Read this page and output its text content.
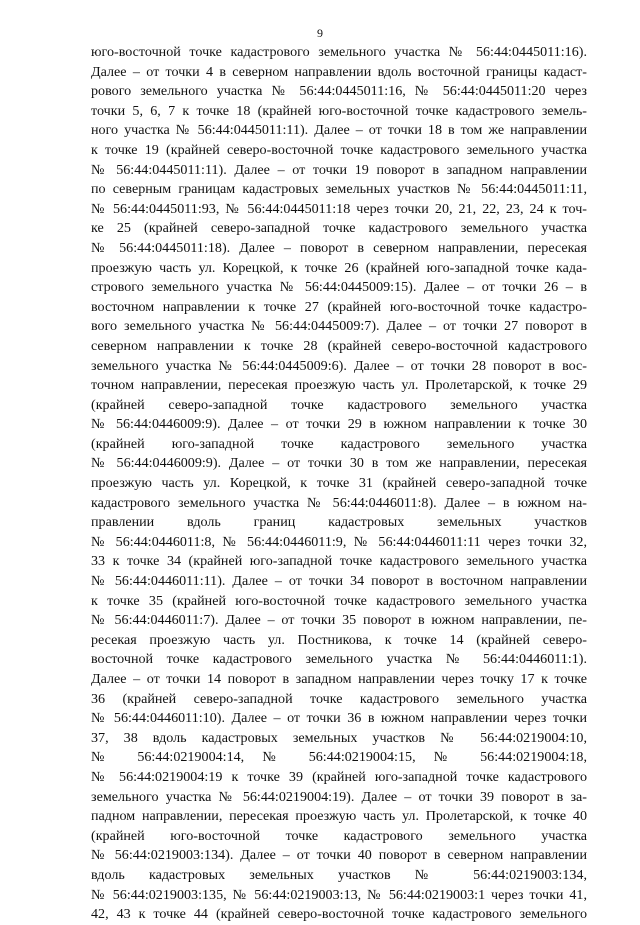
9
юго-восточной точке кадастрового земельного участка № 56:44:0445011:16).
Далее – от точки 4 в северном направлении вдоль восточной границы кадаст-
рового земельного участка № 56:44:0445011:16, № 56:44:0445011:20 через
точки 5, 6, 7 к точке 18 (крайней юго-восточной точке кадастрового земель-
ного участка № 56:44:0445011:11). Далее – от точки 18 в том же направлении
к точке 19 (крайней северо-восточной точке кадастрового земельного участка
№ 56:44:0445011:11). Далее – от точки 19 поворот в западном направлении
по северным границам кадастровых земельных участков № 56:44:0445011:11,
№ 56:44:0445011:93, № 56:44:0445011:18 через точки 20, 21, 22, 23, 24 к точ-
ке 25 (крайней северо-западной точке кадастрового земельного участка
№ 56:44:0445011:18). Далее – поворот в северном направлении, пересекая
проезжую часть ул. Корецкой, к точке 26 (крайней юго-западной точке када-
стрового земельного участка № 56:44:0445009:15). Далее – от точки 26 – в
восточном направлении к точке 27 (крайней юго-восточной точке кадастро-
вого земельного участка № 56:44:0445009:7). Далее – от точки 27 поворот в
северном направлении к точке 28 (крайней северо-восточной кадастрового
земельного участка № 56:44:0445009:6). Далее – от точки 28 поворот в вос-
точном направлении, пересекая проезжую часть ул. Пролетарской, к точке 29
(крайней северо-западной точке кадастрового земельного участка
№ 56:44:0446009:9). Далее – от точки 29 в южном направлении к точке 30
(крайней юго-западной точке кадастрового земельного участка
№ 56:44:0446009:9). Далее – от точки 30 в том же направлении, пересекая
проезжую часть ул. Корецкой, к точке 31 (крайней северо-западной точке
кадастрового земельного участка № 56:44:0446011:8). Далее – в южном на-
правлении вдоль границ кадастровых земельных участков
№ 56:44:0446011:8, № 56:44:0446011:9, № 56:44:0446011:11 через точки 32,
33 к точке 34 (крайней юго-западной точке кадастрового земельного участка
№ 56:44:0446011:11). Далее – от точки 34 поворот в восточном направлении
к точке 35 (крайней юго-восточной точке кадастрового земельного участка
№ 56:44:0446011:7). Далее – от точки 35 поворот в южном направлении, пе-
ресекая проезжую часть ул. Постникова, к точке 14 (крайней северо-
восточной точке кадастрового земельного участка № 56:44:0446011:1).
Далее – от точки 14 поворот в западном направлении через точку 17 к точке
36 (крайней северо-западной точке кадастрового земельного участка
№ 56:44:0446011:10). Далее – от точки 36 в южном направлении через точки
37, 38 вдоль кадастровых земельных участков № 56:44:0219004:10,
№ 56:44:0219004:14, № 56:44:0219004:15, № 56:44:0219004:18,
№ 56:44:0219004:19 к точке 39 (крайней юго-западной точке кадастрового
земельного участка № 56:44:0219004:19). Далее – от точки 39 поворот в за-
падном направлении, пересекая проезжую часть ул. Пролетарской, к точке 40
(крайней юго-восточной точке кадастрового земельного участка
№ 56:44:0219003:134). Далее – от точки 40 поворот в северном направлении
вдоль кадастровых земельных участков № 56:44:0219003:134,
№ 56:44:0219003:135, № 56:44:0219003:13, № 56:44:0219003:1 через точки 41,
42, 43 к точке 44 (крайней северо-восточной точке кадастрового земельного
